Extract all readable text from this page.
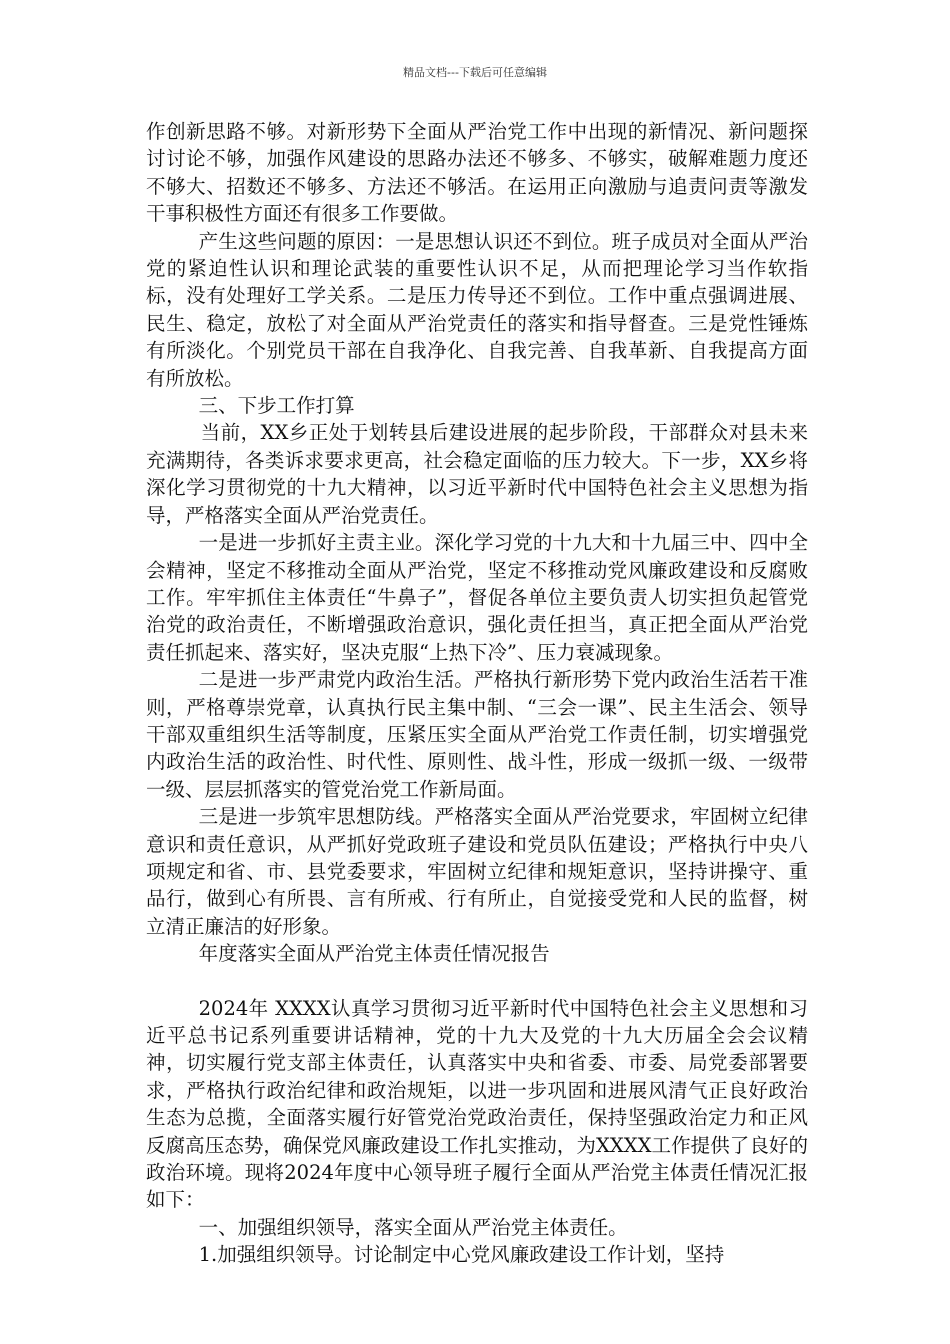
精品文档---下载后可任意编辑

作创新思路不够。对新形势下全面从严治党工作中出现的新情况、新问题探讨讨论不够，加强作风建设的思路办法还不够多、不够实，破解难题力度还不够大、招数还不够多、方法还不够活。在运用正向激励与追责问责等激发干事积极性方面还有很多工作要做。

产生这些问题的原因：一是思想认识还不到位。班子成员对全面从严治党的紧迫性认识和理论武装的重要性认识不足，从而把理论学习当作软指标，没有处理好工学关系。二是压力传导还不到位。工作中重点强调进展、民生、稳定，放松了对全面从严治党责任的落实和指导督查。三是党性锤炼有所淡化。个别党员干部在自我净化、自我完善、自我革新、自我提高方面有所放松。

三、下步工作打算

当前，XX乡正处于划转县后建设进展的起步阶段，干部群众对县未来充满期待，各类诉求要求更高，社会稳定面临的压力较大。下一步，XX乡将深化学习贯彻党的十九大精神，以习近平新时代中国特色社会主义思想为指导，严格落实全面从严治党责任。

一是进一步抓好主责主业。深化学习党的十九大和十九届三中、四中全会精神，坚定不移推动全面从严治党，坚定不移推动党风廉政建设和反腐败工作。牢牢抓住主体责任“牛鼻子”，督促各单位主要负责人切实担负起管党治党的政治责任，不断增强政治意识，强化责任担当，真正把全面从严治党责任抓起来、落实好，坚决克服“上热下冷”、压力衰减现象。

二是进一步严肃党内政治生活。严格执行新形势下党内政治生活若干准则，严格尊崇党章，认真执行民主集中制、“三会一课”、民主生活会、领导干部双重组织生活等制度，压紧压实全面从严治党工作责任制，切实增强党内政治生活的政治性、时代性、原则性、战斗性，形成一级抓一级、一级带一级、层层抓落实的管党治党工作新局面。

三是进一步筑牢思想防线。严格落实全面从严治党要求，牢固树立纪律意识和责任意识，从严抓好党政班子建设和党员队伍建设；严格执行中央八项规定和省、市、县党委要求，牢固树立纪律和规矩意识，坚持讲操守、重品行，做到心有所畏、言有所戒、行有所止，自觉接受党和人民的监督，树立清正廉洁的好形象。

年度落实全面从严治党主体责任情况报告

2024年 XXXX认真学习贯彻习近平新时代中国特色社会主义思想和习近平总书记系列重要讲话精神，党的十九大及党的十九大历届全会会议精神，切实履行党支部主体责任，认真落实中央和省委、市委、局党委部署要求，严格执行政治纪律和政治规矩，以进一步巩固和进展风清气正良好政治生态为总揽，全面落实履行好管党治党政治责任，保持坚强政治定力和正风反腐高压态势，确保党风廉政建设工作扎实推动，为XXXX工作提供了良好的政治环境。现将2024年度中心领导班子履行全面从严治党主体责任情况汇报如下：

一、加强组织领导，落实全面从严治党主体责任。

1.加强组织领导。讨论制定中心党风廉政建设工作计划，坚持
